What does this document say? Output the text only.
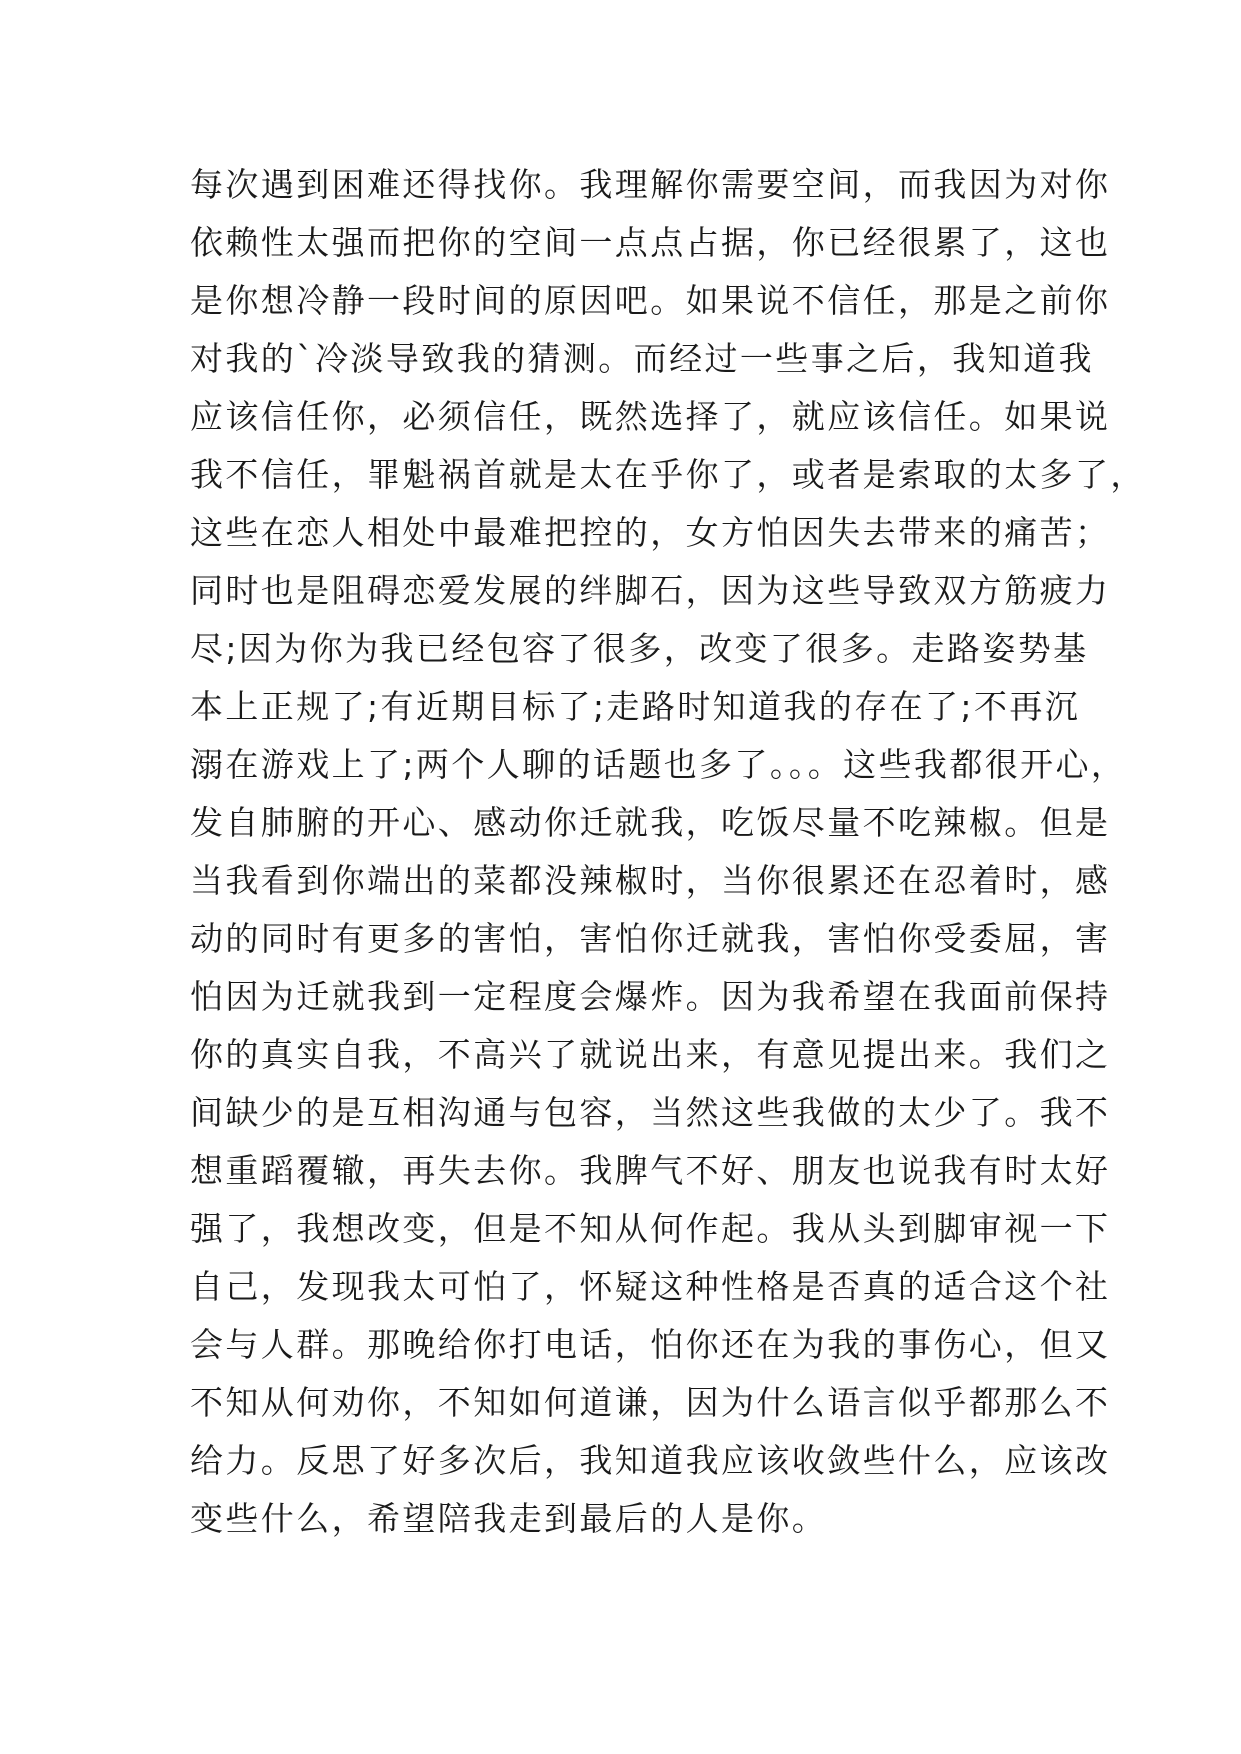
每次遇到困难还得找你。我理解你需要空间，而我因为对你
依赖性太强而把你的空间一点点占据，你已经很累了，这也
是你想冷静一段时间的原因吧。如果说不信任，那是之前你
对我的`冷淡导致我的猜测。而经过一些事之后，我知道我
应该信任你，必须信任，既然选择了，就应该信任。如果说
我不信任，罪魁祸首就是太在乎你了，或者是索取的太多了，
这些在恋人相处中最难把控的，女方怕因失去带来的痛苦；
同时也是阻碍恋爱发展的绊脚石，因为这些导致双方筋疲力
尽;因为你为我已经包容了很多，改变了很多。走路姿势基
本上正规了;有近期目标了;走路时知道我的存在了;不再沉
溺在游戏上了;两个人聊的话题也多了。。。这些我都很开心，
发自肺腑的开心、感动你迁就我，吃饭尽量不吃辣椒。但是
当我看到你端出的菜都没辣椒时，当你很累还在忍着时，感
动的同时有更多的害怕，害怕你迁就我，害怕你受委屈，害
怕因为迁就我到一定程度会爆炸。因为我希望在我面前保持
你的真实自我，不高兴了就说出来，有意见提出来。我们之
间缺少的是互相沟通与包容，当然这些我做的太少了。我不
想重蹈覆辙，再失去你。我脾气不好、朋友也说我有时太好
强了，我想改变，但是不知从何作起。我从头到脚审视一下
自己，发现我太可怕了，怀疑这种性格是否真的适合这个社
会与人群。那晚给你打电话，怕你还在为我的事伤心，但又
不知从何劝你，不知如何道谦，因为什么语言似乎都那么不
给力。反思了好多次后，我知道我应该收敛些什么，应该改
变些什么，希望陪我走到最后的人是你。
